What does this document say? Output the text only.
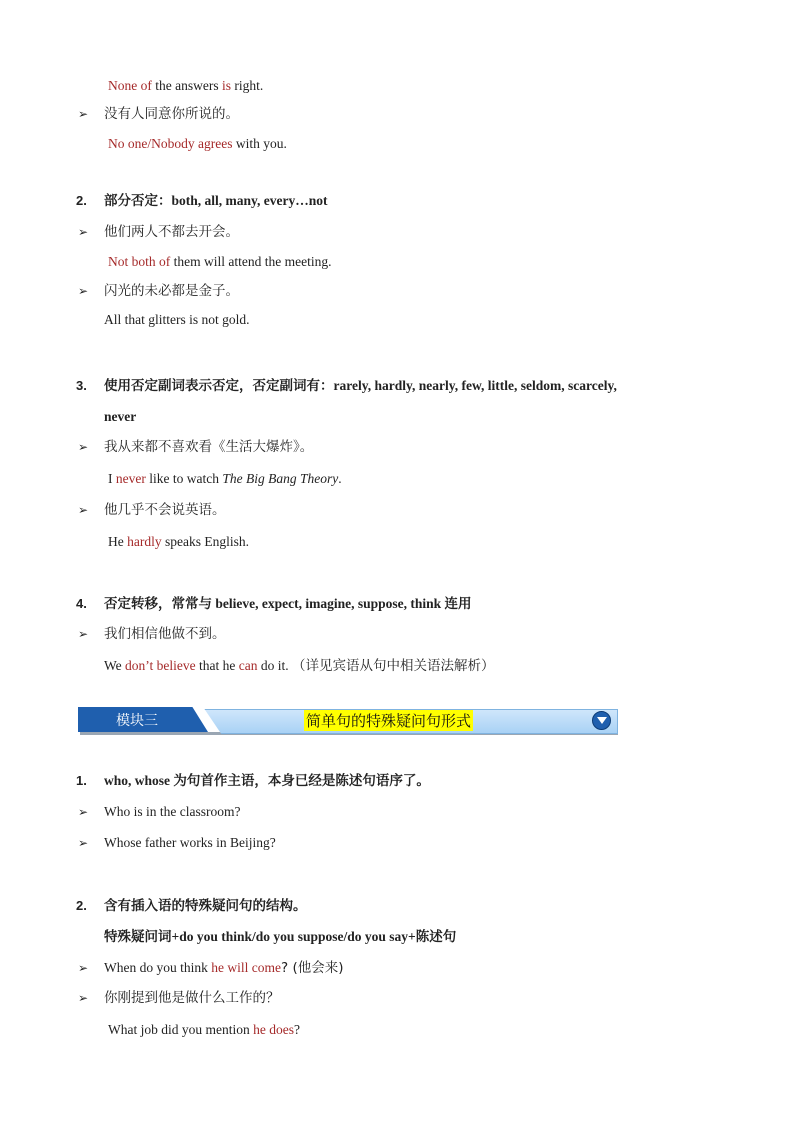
None of the answers is right.
➢ 没有人同意你所说的。
No one/Nobody agrees with you.
2. 部分否定：both, all, many, every…not
➢ 他们两人不都去开会。
Not both of them will attend the meeting.
➢ 闪光的未必都是金子。
All that glitters is not gold.
3. 使用否定副词表示否定，否定副词有：rarely, hardly, nearly, few, little, seldom, scarcely,
never
➢ 我从来都不喜欢看《生活大爆炸》。
I never like to watch The Big Bang Theory.
➢ 他几乎不会说英语。
He hardly speaks English.
4. 否定转移，常常与 believe, expect, imagine, suppose, think 连用
➢ 我们相信他做不到。
We don’t believe that he can do it. （详见宾语从句中相关语法解析）
模块三	简单句的特殊疑问句形式
1. who, whose 为句首作主语，本身已经是陈述句语序了。
➢ Who is in the classroom?
➢ Whose father works in Beijing?
2. 含有插入语的特殊疑问句的结构。
特殊疑问词+do you think/do you suppose/do you say+陈述句
➢ When do you think he will come? (他会来)
➢ 你刚提到他是做什么工作的？
What job did you mention he does?
